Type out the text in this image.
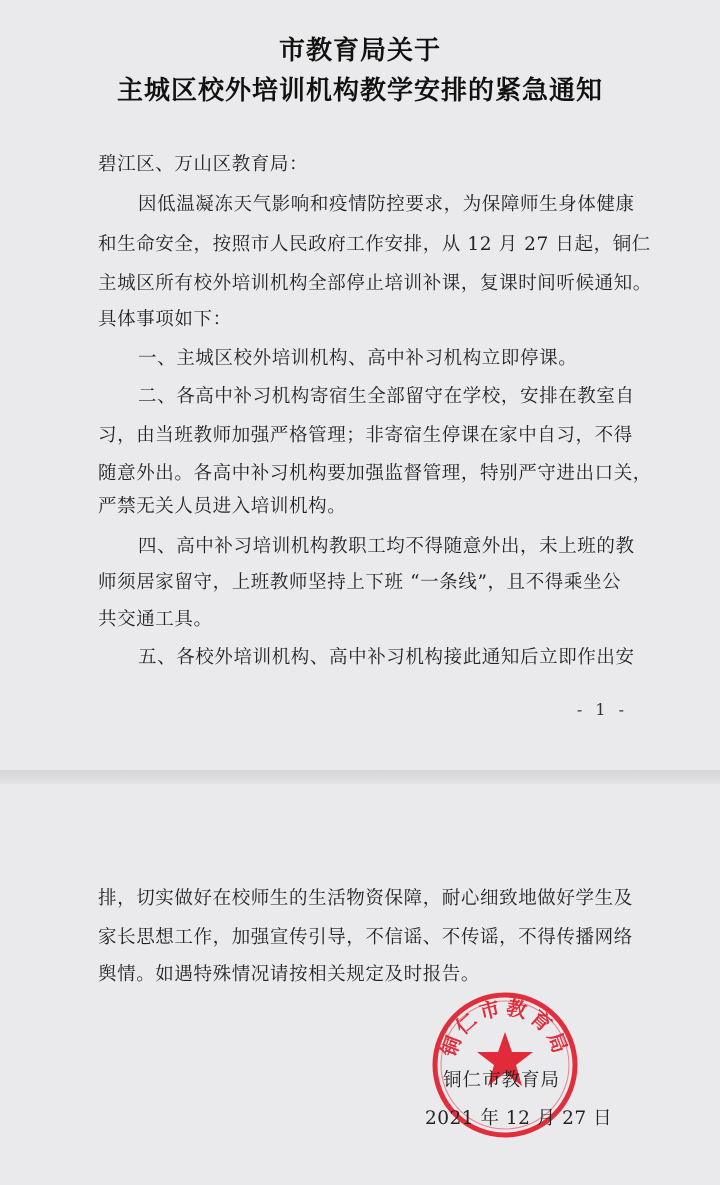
市教育局关于
主城区校外培训机构教学安排的紧急通知
碧江区、万山区教育局：
因低温凝冻天气影响和疫情防控要求，为保障师生身体健康
和生命安全，按照市人民政府工作安排，从 12 月 27 日起，铜仁
主城区所有校外培训机构全部停止培训补课，复课时间听候通知。
具体事项如下：
一、主城区校外培训机构、高中补习机构立即停课。
二、各高中补习机构寄宿生全部留守在学校，安排在教室自
习，由当班教师加强严格管理；非寄宿生停课在家中自习，不得
随意外出。各高中补习机构要加强监督管理，特别严守进出口关，
严禁无关人员进入培训机构。
四、高中补习培训机构教职工均不得随意外出，未上班的教
师须居家留守，上班教师坚持上下班 “一条线”，且不得乘坐公
共交通工具。
五、各校外培训机构、高中补习机构接此通知后立即作出安
- 1 -
排，切实做好在校师生的生活物资保障，耐心细致地做好学生及
家长思想工作，加强宣传引导，不信谣、不传谣，不得传播网络
舆情。如遇特殊情况请按相关规定及时报告。
铜仁市教育局
铜仁市教育局
2021 年 12 月 27 日
